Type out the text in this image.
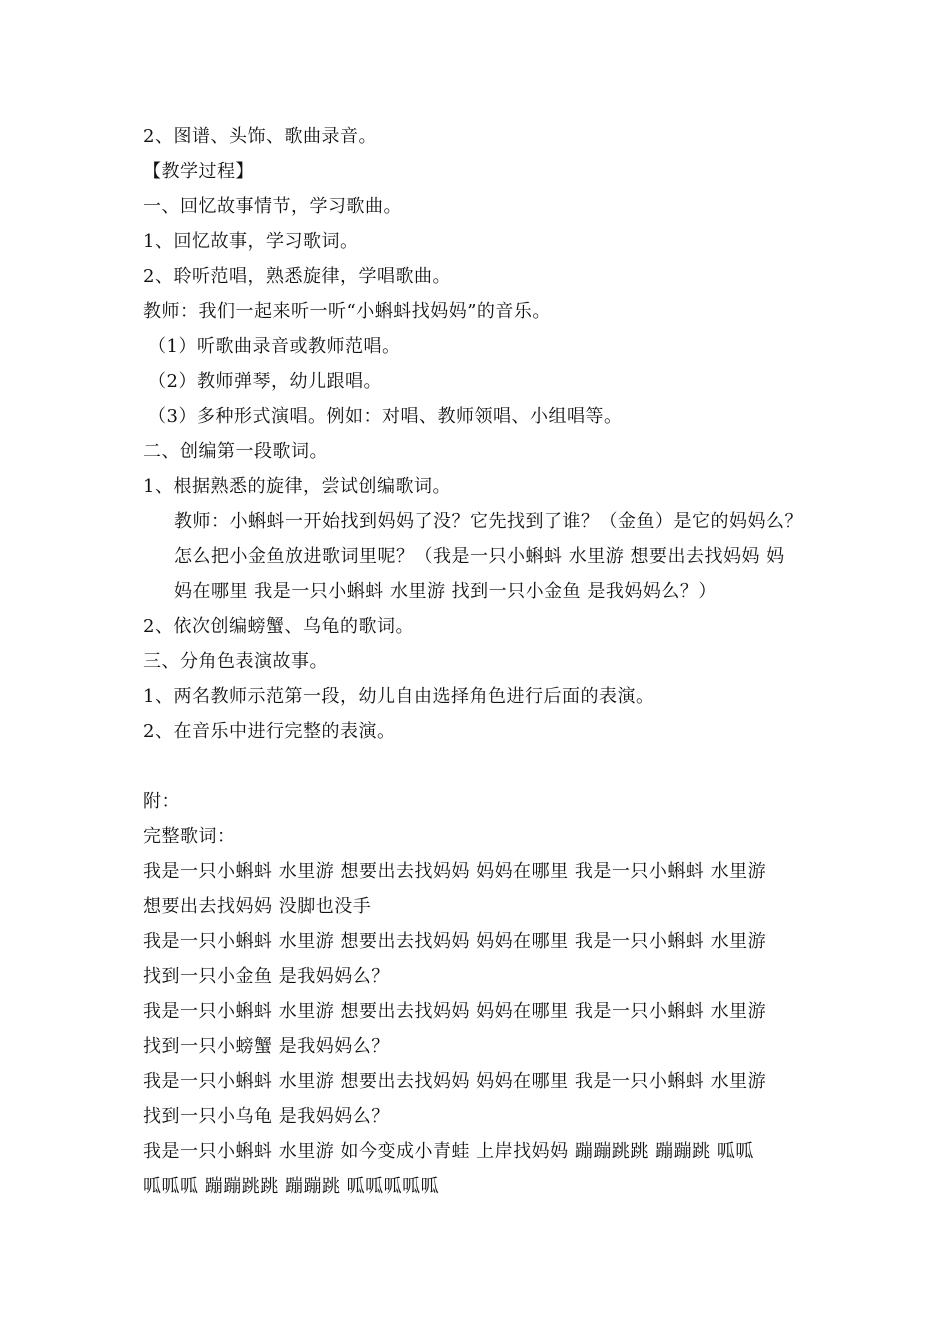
2、图谱、头饰、歌曲录音。
【教学过程】
一、回忆故事情节，学习歌曲。
1、回忆故事，学习歌词。
2、聆听范唱，熟悉旋律，学唱歌曲。
教师：我们一起来听一听“小蝌蚪找妈妈”的音乐。
（1）听歌曲录音或教师范唱。
（2）教师弹琴，幼儿跟唱。
（3）多种形式演唱。例如：对唱、教师领唱、小组唱等。
二、创编第一段歌词。
1、根据熟悉的旋律，尝试创编歌词。
教师：小蝌蚪一开始找到妈妈了没？它先找到了谁？（金鱼）是它的妈妈么？
怎么把小金鱼放进歌词里呢？（我是一只小蝌蚪 水里游 想要出去找妈妈 妈
妈在哪里 我是一只小蝌蚪 水里游 找到一只小金鱼 是我妈妈么？）
2、依次创编螃蟹、乌龟的歌词。
三、分角色表演故事。
1、两名教师示范第一段，幼儿自由选择角色进行后面的表演。
2、在音乐中进行完整的表演。
附：
完整歌词：
我是一只小蝌蚪 水里游 想要出去找妈妈 妈妈在哪里 我是一只小蝌蚪 水里游
想要出去找妈妈 没脚也没手
我是一只小蝌蚪 水里游 想要出去找妈妈 妈妈在哪里 我是一只小蝌蚪 水里游
找到一只小金鱼 是我妈妈么？
我是一只小蝌蚪 水里游 想要出去找妈妈 妈妈在哪里 我是一只小蝌蚪 水里游
找到一只小螃蟹 是我妈妈么？
我是一只小蝌蚪 水里游 想要出去找妈妈 妈妈在哪里 我是一只小蝌蚪 水里游
找到一只小乌龟 是我妈妈么？
我是一只小蝌蚪 水里游 如今变成小青蛙 上岸找妈妈 蹦蹦跳跳 蹦蹦跳 呱呱
呱呱呱 蹦蹦跳跳 蹦蹦跳 呱呱呱呱呱
